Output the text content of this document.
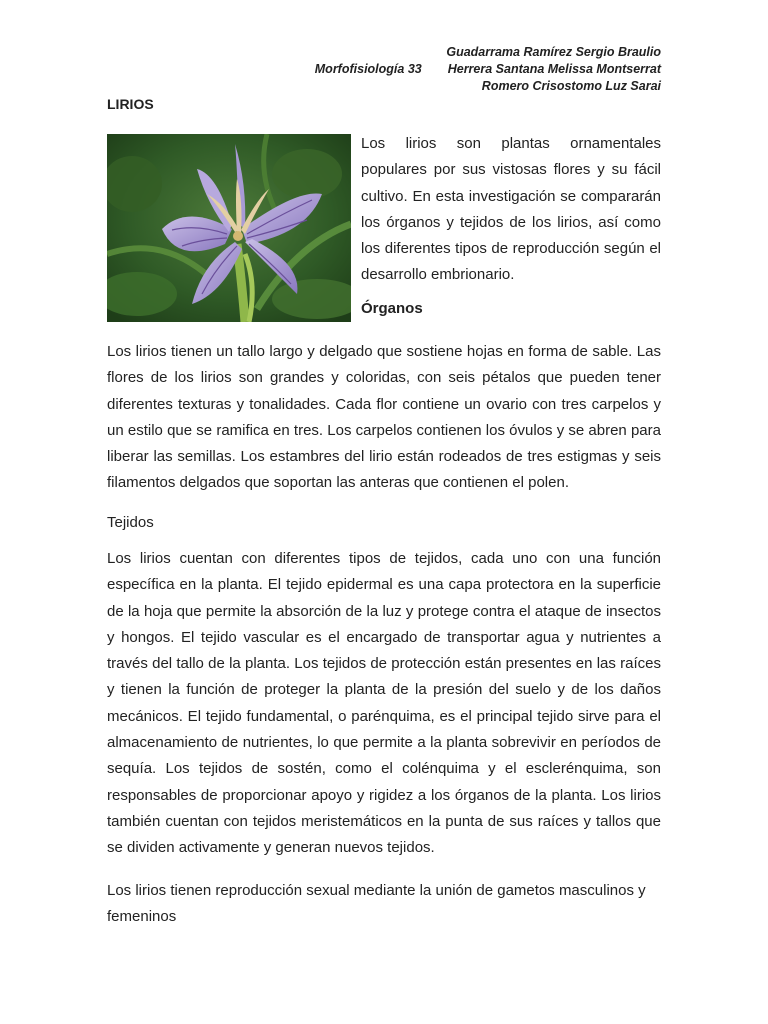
Guadarrama Ramírez Sergio Braulio
Morfofisiología 33 Herrera Santana Melissa Montserrat
Romero Crisostomo Luz Sarai
LIRIOS

Los lirios son plantas ornamentales populares por sus vistosas flores y su fácil cultivo. En esta investigación se compararán los órganos y tejidos de los lirios, así como los diferentes tipos de reproducción según el desarrollo embrionario.

Órganos

Los lirios tienen un tallo largo y delgado que sostiene hojas en forma de sable. Las flores de los lirios son grandes y coloridas, con seis pétalos que pueden tener diferentes texturas y tonalidades. Cada flor contiene un ovario con tres carpelos y un estilo que se ramifica en tres. Los carpelos contienen los óvulos y se abren para liberar las semillas. Los estambres del lirio están rodeados de tres estigmas y seis filamentos delgados que soportan las anteras que contienen el polen.

Tejidos

Los lirios cuentan con diferentes tipos de tejidos, cada uno con una función específica en la planta. El tejido epidermal es una capa protectora en la superficie de la hoja que permite la absorción de la luz y protege contra el ataque de insectos y hongos. El tejido vascular es el encargado de transportar agua y nutrientes a través del tallo de la planta. Los tejidos de protección están presentes en las raíces y tienen la función de proteger la planta de la presión del suelo y de los daños mecánicos. El tejido fundamental, o parénquima, es el principal tejido sirve para el almacenamiento de nutrientes, lo que permite a la planta sobrevivir en períodos de sequía. Los tejidos de sostén, como el colénquima y el esclerénquima, son responsables de proporcionar apoyo y rigidez a los órganos de la planta. Los lirios también cuentan con tejidos meristemáticos en la punta de sus raíces y tallos que se dividen activamente y generan nuevos tejidos.

Los lirios tienen reproducción sexual mediante la unión de gametos masculinos y femeninos
